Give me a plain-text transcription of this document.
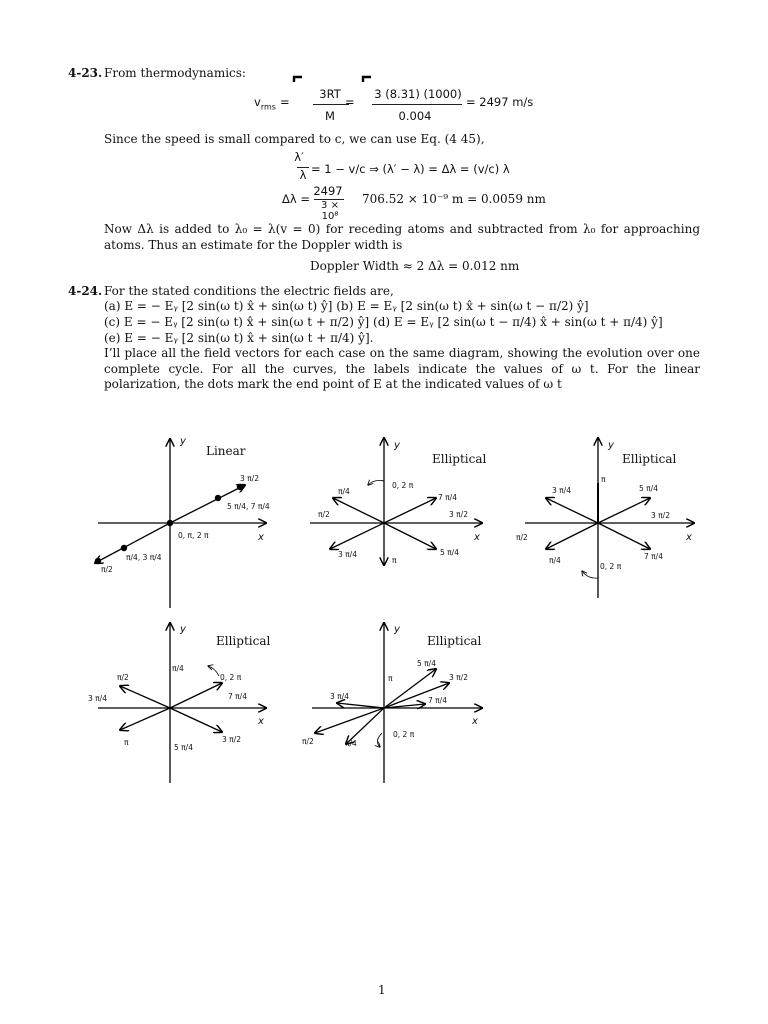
4-23. From thermodynamics:
$v_{rms}$ =
3RT
M
=
3 (8.31) (1000)
0.004
= 2497 m/s
Since the speed is small compared to c, we can use Eq. (4 45),
λ′
λ = 1 − v/c ⇒ (λ′ − λ) = Δλ = (v/c) λ
Δλ =
2497
3 ×
10⁸
706.52 × 10⁻⁹ m = 0.0059 nm
Now Δλ is added to λ₀ = λ(v = 0) for receding atoms and subtracted from λ₀ for approaching atoms. Thus an estimate for the Doppler width is
Doppler Width ≈ 2 Δλ = 0.012 nm
4-24. For the stated conditions the electric fields are,
(a) E = − Eᵧ [2 sin(ω t) x̂ + sin(ω t) ŷ] (b) E = Eᵧ [2 sin(ω t) x̂ + sin(ω t − π/2) ŷ]
(c) E = − Eᵧ [2 sin(ω t) x̂ + sin(ω t + π/2) ŷ] (d) E = Eᵧ [2 sin(ω t − π/4) x̂ + sin(ω t + π/4) ŷ]
(e) E = − Eᵧ [2 sin(ω t) x̂ + sin(ω t + π/4) ŷ].
I’ll place all the field vectors for each case on the same diagram, showing the evolution over one complete cycle. For all the curves, the labels indicate the values of ω t. For the linear polarization, the dots mark the end point of E at the indicated values of ω t
Linear
x
y
3 π/2
5 π/4, 7 π/4
0, π, 2 π
π/4, 3 π/4
π/2
Elliptical
x
y
0, 2 π
π/4
7 π/4
π/2	3 π/2
3 π/4
π
5 π/4
Elliptical
x
y
π
3 π/4	5 π/4
3 π/2
π/2
π/4
0, 2 π
7 π/4
Elliptical
x
y
π/4
π/2	0, 2 π
7 π/4
3 π/4
3 π/2
π
5 π/4
Elliptical
x
y
5 π/4
π	3 π/2
3 π/4	7 π/4
π/2	π/4
0, 2 π
1
